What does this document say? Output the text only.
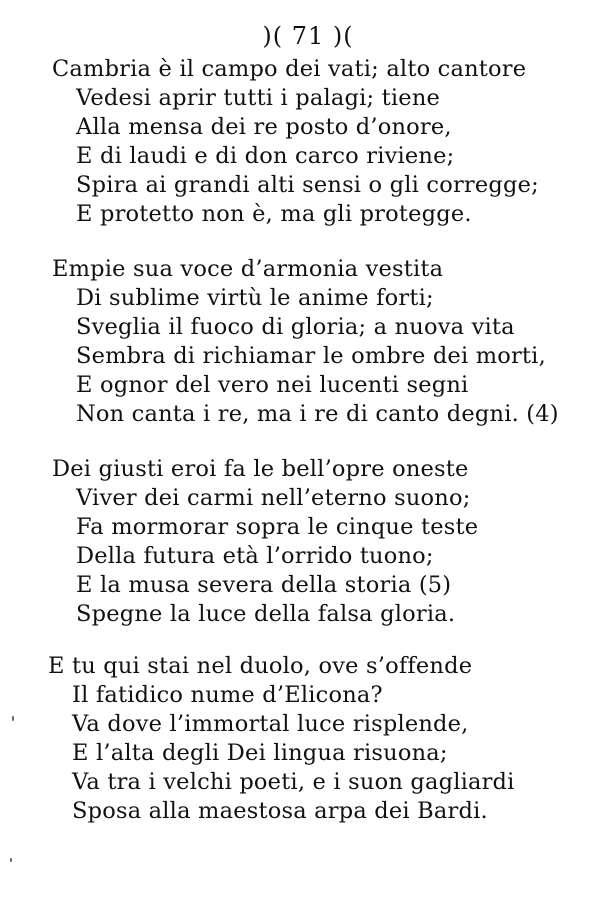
)( 71 )(
Cambria è il campo dei vati; alto cantore
Vedesi aprir tutti i palagi; tiene
Alla mensa dei re posto d’onore,
E di laudi e di don carco riviene;
Spira ai grandi alti sensi o gli corregge;
E protetto non è, ma gli protegge.
Empie sua voce d’armonia vestita
Di sublime virtù le anime forti;
Sveglia il fuoco di gloria; a nuova vita
Sembra di richiamar le ombre dei morti,
E ognor del vero nei lucenti segni
Non canta i re, ma i re di canto degni. (4)
Dei giusti eroi fa le bell’opre oneste
Viver dei carmi nell’eterno suono;
Fa mormorar sopra le cinque teste
Della futura età l’orrido tuono;
E la musa severa della storia (5)
Spegne la luce della falsa gloria.
E tu qui stai nel duolo, ove s’offende
Il fatidico nume d’Elicona?
Va dove l’immortal luce risplende,
E l’alta degli Dei lingua risuona;
Va tra i velchi poeti, e i suon gagliardi
Sposa alla maestosa arpa dei Bardi.
